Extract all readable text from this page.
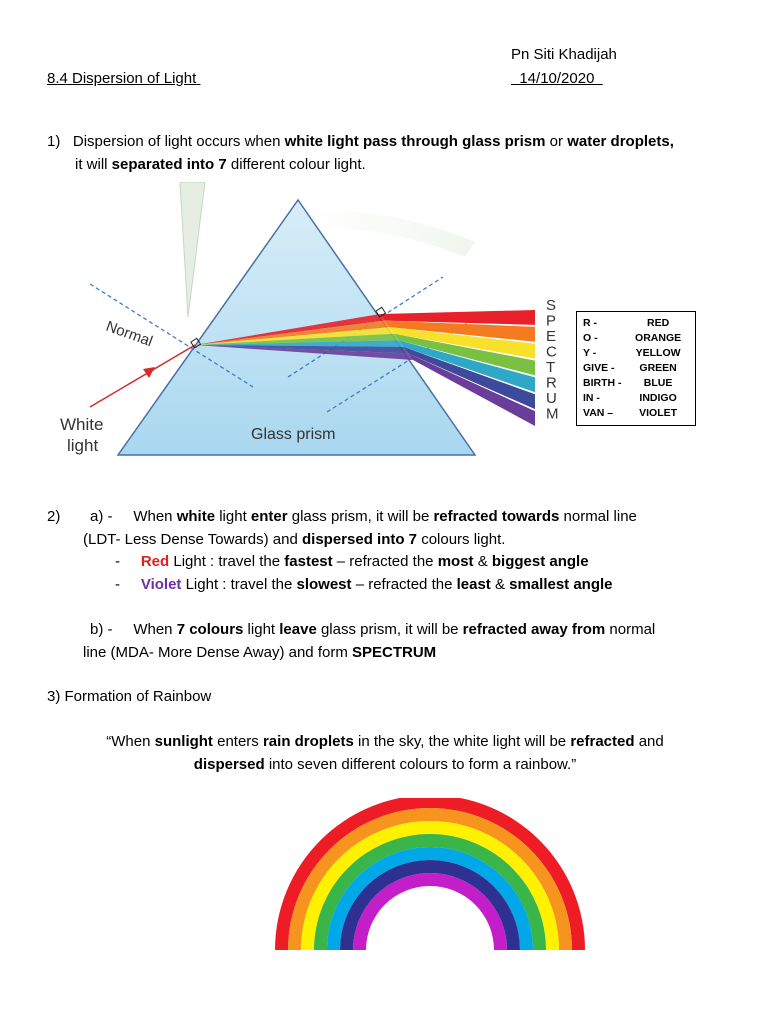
Pn Siti Khadijah
8.4 Dispersion of Light	14/10/2020
1) Dispersion of light occurs when white light pass through glass prism or water droplets,
it will separated into 7 different colour light.
Normal
White
light
Glass prism
S
P
E
C
T
R
U
M
R -	RED
O -	ORANGE
Y -	YELLOW
GIVE -	GREEN
BIRTH -	BLUE
IN -	INDIGO
VAN –	VIOLET
2) a) - When white light enter glass prism, it will be refracted towards normal line
(LDT- Less Dense Towards) and dispersed into 7 colours light.
-     Red Light : travel the fastest – refracted the most & biggest angle
-     Violet Light : travel the slowest – refracted the least & smallest angle
b) - When 7 colours light leave glass prism, it will be refracted away from normal
line (MDA- More Dense Away) and form SPECTRUM
3) Formation of Rainbow
“When sunlight enters rain droplets in the sky, the white light will be refracted and
dispersed into seven different colours to form a rainbow.”
